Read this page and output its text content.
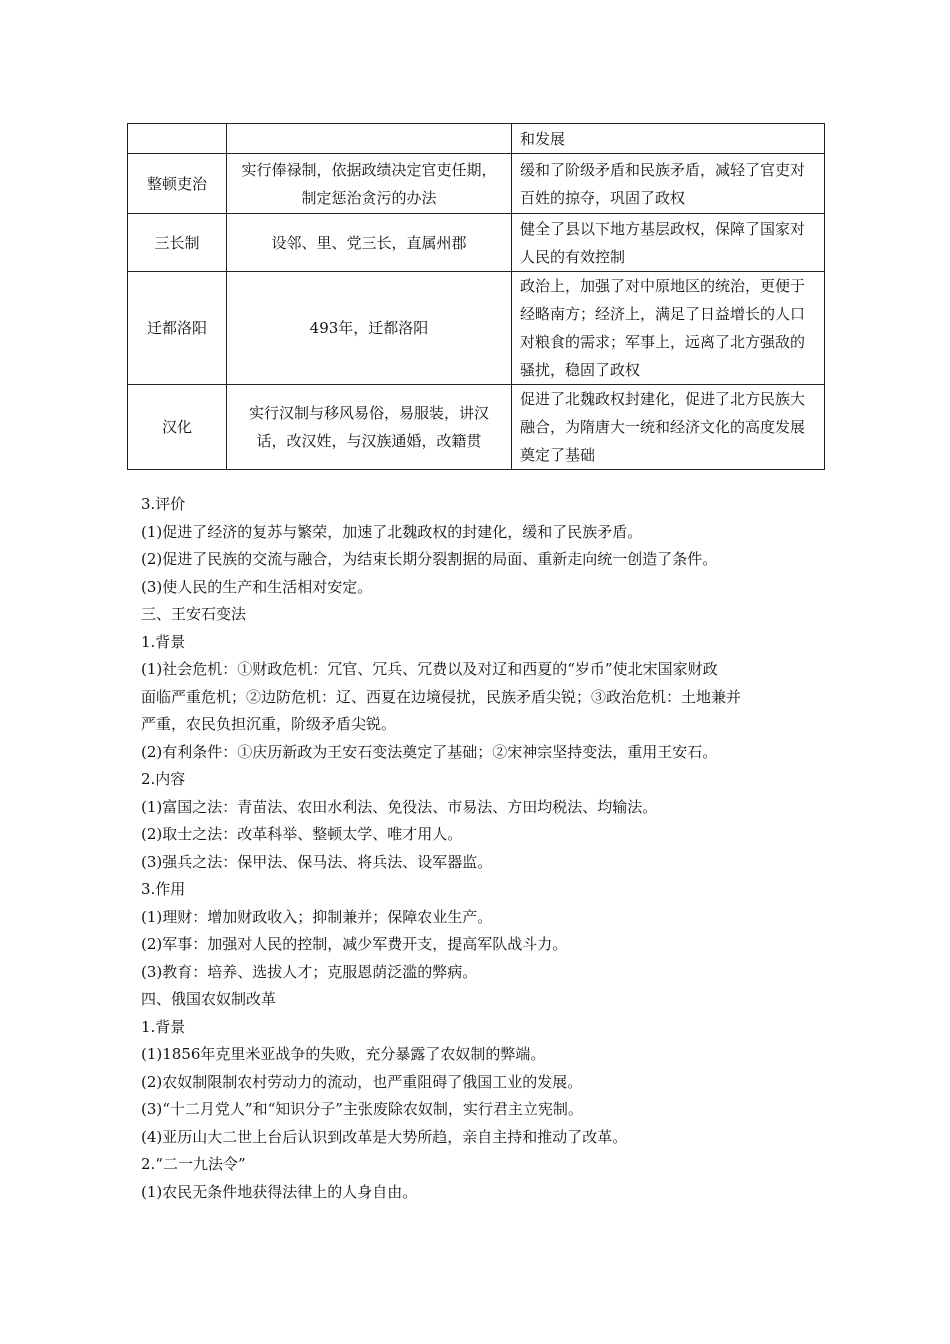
		和发展
整顿吏治	实行俸禄制，依据政绩决定官吏任期，制定惩治贪污的办法	缓和了阶级矛盾和民族矛盾，减轻了官吏对百姓的掠夺，巩固了政权
三长制	设邻、里、党三长，直属州郡	健全了县以下地方基层政权，保障了国家对人民的有效控制
迁都洛阳	493年，迁都洛阳	政治上，加强了对中原地区的统治，更便于经略南方；经济上，满足了日益增长的人口对粮食的需求；军事上，远离了北方强敌的骚扰，稳固了政权
汉化	实行汉制与移风易俗，易服装，讲汉话，改汉姓，与汉族通婚，改籍贯	促进了北魏政权封建化，促进了北方民族大融合，为隋唐大一统和经济文化的高度发展奠定了基础

3.评价

(1)促进了经济的复苏与繁荣，加速了北魏政权的封建化，缓和了民族矛盾。

(2)促进了民族的交流与融合，为结束长期分裂割据的局面、重新走向统一创造了条件。

(3)使人民的生产和生活相对安定。

三、王安石变法

1.背景

(1)社会危机：①财政危机：冗官、冗兵、冗费以及对辽和西夏的“岁币”使北宋国家财政

面临严重危机；②边防危机：辽、西夏在边境侵扰，民族矛盾尖锐；③政治危机：土地兼并

严重，农民负担沉重，阶级矛盾尖锐。

(2)有利条件：①庆历新政为王安石变法奠定了基础；②宋神宗坚持变法，重用王安石。

2.内容

(1)富国之法：青苗法、农田水利法、免役法、市易法、方田均税法、均输法。

(2)取士之法：改革科举、整顿太学、唯才用人。

(3)强兵之法：保甲法、保马法、将兵法、设军器监。

3.作用

(1)理财：增加财政收入；抑制兼并；保障农业生产。

(2)军事：加强对人民的控制，减少军费开支，提高军队战斗力。

(3)教育：培养、选拔人才；克服恩荫泛滥的弊病。

四、俄国农奴制改革

1.背景

(1)1856年克里米亚战争的失败，充分暴露了农奴制的弊端。

(2)农奴制限制农村劳动力的流动，也严重阻碍了俄国工业的发展。

(3)“十二月党人”和“知识分子”主张废除农奴制，实行君主立宪制。

(4)亚历山大二世上台后认识到改革是大势所趋，亲自主持和推动了改革。

2.“二一九法令”

(1)农民无条件地获得法律上的人身自由。
